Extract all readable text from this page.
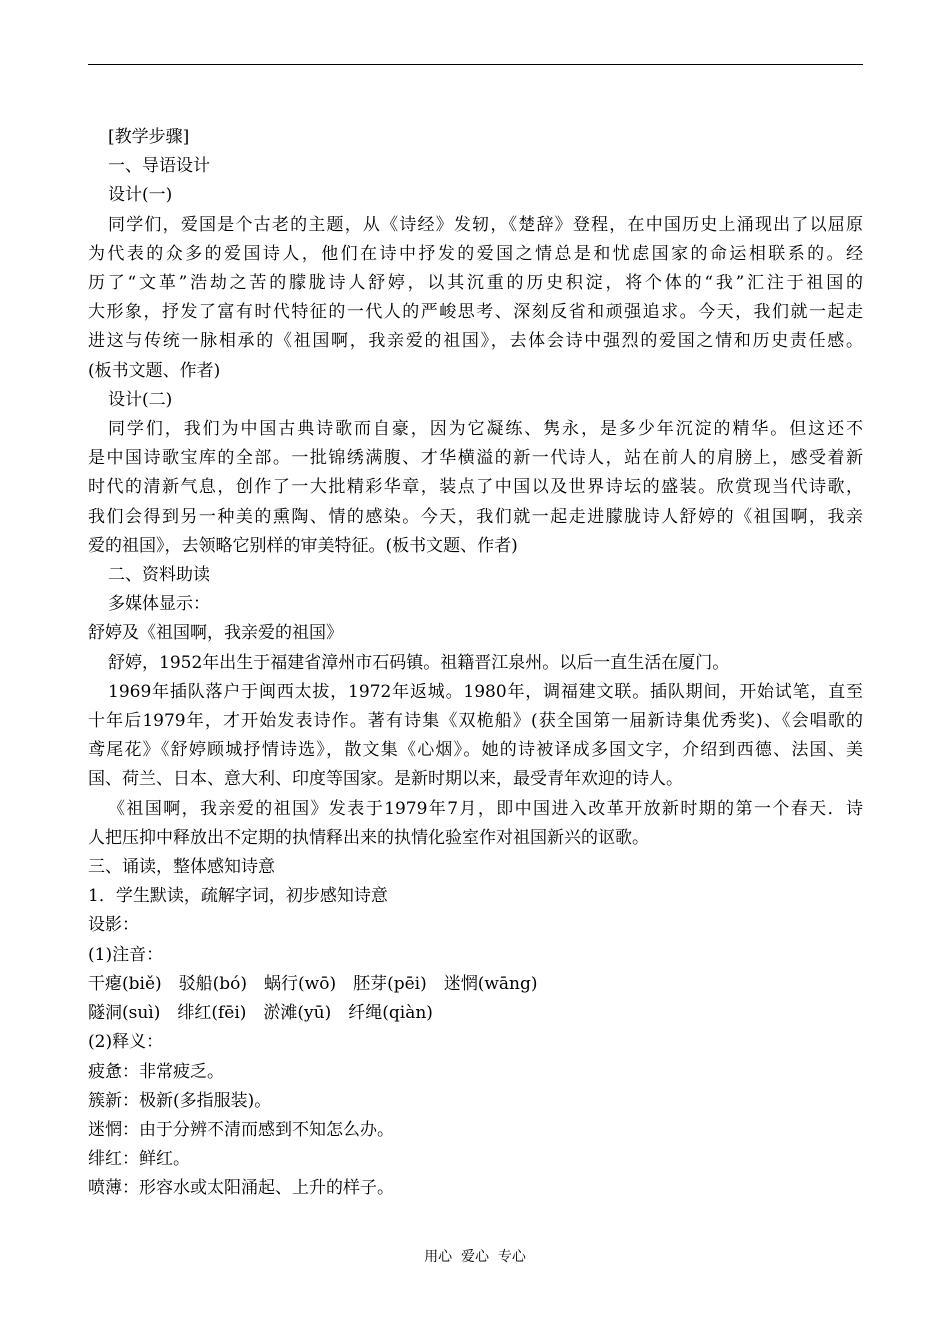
[教学步骤]

一、导语设计

设计(一)

同学们，爱国是个古老的主题，从《诗经》发轫，《楚辞》登程，在中国历史上涌现出了以屈原

为代表的众多的爱国诗人，他们在诗中抒发的爱国之情总是和忧虑国家的命运相联系的。经

历了“文革”浩劫之苦的朦胧诗人舒婷，以其沉重的历史积淀，将个体的“我”汇注于祖国的

大形象，抒发了富有时代特征的一代人的严峻思考、深刻反省和顽强追求。今天，我们就一起走

进这与传统一脉相承的《祖国啊，我亲爱的祖国》，去体会诗中强烈的爱国之情和历史责任感。

(板书文题、作者)

设计(二)

同学们，我们为中国古典诗歌而自豪，因为它凝练、隽永，是多少年沉淀的精华。但这还不

是中国诗歌宝库的全部。一批锦绣满腹、才华横溢的新一代诗人，站在前人的肩膀上，感受着新

时代的清新气息，创作了一大批精彩华章，装点了中国以及世界诗坛的盛装。欣赏现当代诗歌，

我们会得到另一种美的熏陶、情的感染。今天，我们就一起走进朦胧诗人舒婷的《祖国啊，我亲

爱的祖国》，去领略它别样的审美特征。(板书文题、作者)

二、资料助读

多媒体显示：

舒婷及《祖国啊，我亲爱的祖国》

舒婷，1952年出生于福建省漳州市石码镇。祖籍晋江泉州。以后一直生活在厦门。

1969年插队落户于闽西太拔，1972年返城。1980年，调福建文联。插队期间，开始试笔，直至

十年后1979年，才开始发表诗作。著有诗集《双桅船》(获全国第一届新诗集优秀奖)、《会唱歌的

鸢尾花》《舒婷顾城抒情诗选》，散文集《心烟》。她的诗被译成多国文字，介绍到西德、法国、美

国、荷兰、日本、意大利、印度等国家。是新时期以来，最受青年欢迎的诗人。

《祖国啊，我亲爱的祖国》发表于1979年7月，即中国进入改革开放新时期的第一个春天．诗

人把压抑中释放出不定期的执情释出来的执情化验室作对祖国新兴的讴歌。

三、诵读，整体感知诗意

1．学生默读，疏解字词，初步感知诗意

设影：

(1)注音：

干瘪(biě)　驳船(bó)　蜗行(wō)　胚芽(pēi)　迷惘(wāng)

隧洞(suì)　绯红(fēi)　淤滩(yū)　纤绳(qiàn)

(2)释义：

疲惫：非常疲乏。

簇新：极新(多指服装)。

迷惘：由于分辨不清而感到不知怎么办。

绯红：鲜红。

喷薄：形容水或太阳涌起、上升的样子。

用心  爱心  专心
